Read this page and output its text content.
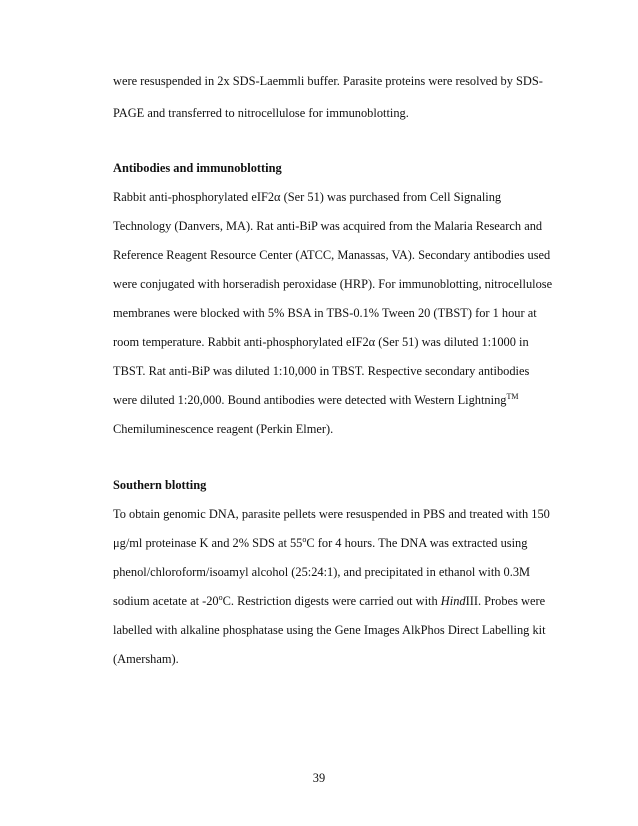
were resuspended in 2x SDS-Laemmli buffer. Parasite proteins were resolved by SDS-
PAGE and transferred to nitrocellulose for immunoblotting.
Antibodies and immunoblotting
Rabbit anti-phosphorylated eIF2α (Ser 51) was purchased from Cell Signaling
Technology (Danvers, MA). Rat anti-BiP was acquired from the Malaria Research and
Reference Reagent Resource Center (ATCC, Manassas, VA). Secondary antibodies used
were conjugated with horseradish peroxidase (HRP). For immunoblotting, nitrocellulose
membranes were blocked with 5% BSA in TBS-0.1% Tween 20 (TBST) for 1 hour at
room temperature. Rabbit anti-phosphorylated eIF2α (Ser 51) was diluted 1:1000 in
TBST. Rat anti-BiP was diluted 1:10,000 in TBST. Respective secondary antibodies
were diluted 1:20,000. Bound antibodies were detected with Western Lightning™
Chemiluminescence reagent (Perkin Elmer).
Southern blotting
To obtain genomic DNA, parasite pellets were resuspended in PBS and treated with 150
μg/ml proteinase K and 2% SDS at 55$^o$C for 4 hours. The DNA was extracted using
phenol/chloroform/isoamyl alcohol (25:24:1), and precipitated in ethanol with 0.3M
sodium acetate at -20$^o$C. Restriction digests were carried out with HindIII. Probes were
labelled with alkaline phosphatase using the Gene Images AlkPhos Direct Labelling kit
(Amersham).
39
